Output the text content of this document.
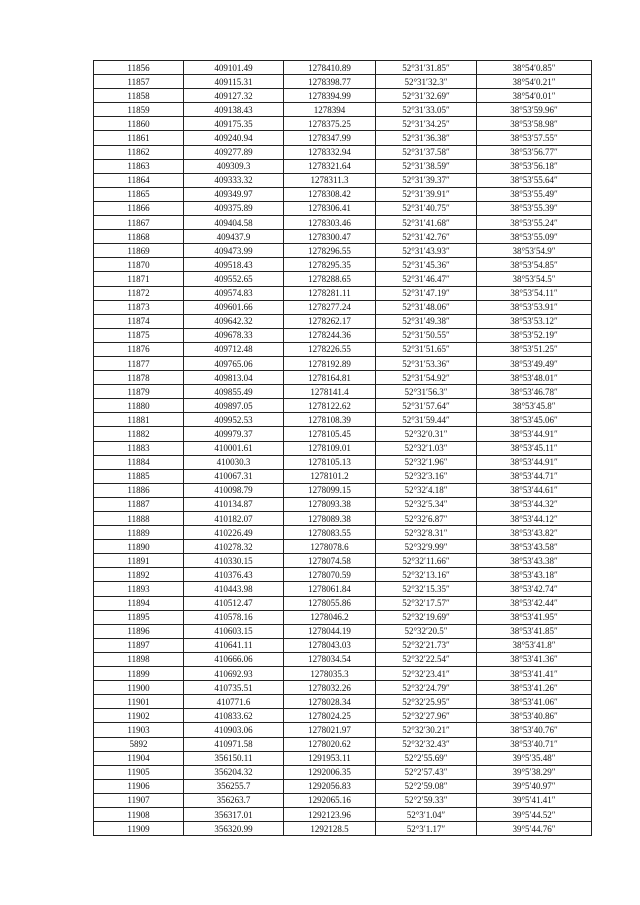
11856	409101.49	1278410.89	52°31′31.85″	38°54′0.85″
11857	409115.31	1278398.77	52°31′32.3″	38°54′0.21″
11858	409127.32	1278394.99	52°31′32.69″	38°54′0.01″
11859	409138.43	1278394	52°31′33.05″	38°53′59.96″
11860	409175.35	1278375.25	52°31′34.25″	38°53′58.98″
11861	409240.94	1278347.99	52°31′36.38″	38°53′57.55″
11862	409277.89	1278332.94	52°31′37.58″	38°53′56.77″
11863	409309.3	1278321.64	52°31′38.59″	38°53′56.18″
11864	409333.32	1278311.3	52°31′39.37″	38°53′55.64″
11865	409349.97	1278308.42	52°31′39.91″	38°53′55.49″
11866	409375.89	1278306.41	52°31′40.75″	38°53′55.39″
11867	409404.58	1278303.46	52°31′41.68″	38°53′55.24″
11868	409437.9	1278300.47	52°31′42.76″	38°53′55.09″
11869	409473.99	1278296.55	52°31′43.93″	38°53′54.9″
11870	409518.43	1278295.35	52°31′45.36″	38°53′54.85″
11871	409552.65	1278288.65	52°31′46.47″	38°53′54.5″
11872	409574.83	1278281.11	52°31′47.19″	38°53′54.11″
11873	409601.66	1278277.24	52°31′48.06″	38°53′53.91″
11874	409642.32	1278262.17	52°31′49.38″	38°53′53.12″
11875	409678.33	1278244.36	52°31′50.55″	38°53′52.19″
11876	409712.48	1278226.55	52°31′51.65″	38°53′51.25″
11877	409765.06	1278192.89	52°31′53.36″	38°53′49.49″
11878	409813.04	1278164.81	52°31′54.92″	38°53′48.01″
11879	409855.49	1278141.4	52°31′56.3″	38°53′46.78″
11880	409897.05	1278122.62	52°31′57.64″	38°53′45.8″
11881	409952.53	1278108.39	52°31′59.44″	38°53′45.06″
11882	409979.37	1278105.45	52°32′0.31″	38°53′44.91″
11883	410001.61	1278109.01	52°32′1.03″	38°53′45.11″
11884	410030.3	1278105.13	52°32′1.96″	38°53′44.91″
11885	410067.31	1278101.2	52°32′3.16″	38°53′44.71″
11886	410098.79	1278099.15	52°32′4.18″	38°53′44.61″
11887	410134.87	1278093.38	52°32′5.34″	38°53′44.32″
11888	410182.07	1278089.38	52°32′6.87″	38°53′44.12″
11889	410226.49	1278083.55	52°32′8.31″	38°53′43.82″
11890	410278.32	1278078.6	52°32′9.99″	38°53′43.58″
11891	410330.15	1278074.58	52°32′11.66″	38°53′43.38″
11892	410376.43	1278070.59	52°32′13.16″	38°53′43.18″
11893	410443.98	1278061.84	52°32′15.35″	38°53′42.74″
11894	410512.47	1278055.86	52°32′17.57″	38°53′42.44″
11895	410578.16	1278046.2	52°32′19.69″	38°53′41.95″
11896	410603.15	1278044.19	52°32′20.5″	38°53′41.85″
11897	410641.11	1278043.03	52°32′21.73″	38°53′41.8″
11898	410666.06	1278034.54	52°32′22.54″	38°53′41.36″
11899	410692.93	1278035.3	52°32′23.41″	38°53′41.41″
11900	410735.51	1278032.26	52°32′24.79″	38°53′41.26″
11901	410771.6	1278028.34	52°32′25.95″	38°53′41.06″
11902	410833.62	1278024.25	52°32′27.96″	38°53′40.86″
11903	410903.06	1278021.97	52°32′30.21″	38°53′40.76″
5892	410971.58	1278020.62	52°32′32.43″	38°53′40.71″
11904	356150.11	1291953.11	52°2′55.69″	39°5′35.48″
11905	356204.32	1292006.35	52°2′57.43″	39°5′38.29″
11906	356255.7	1292056.83	52°2′59.08″	39°5′40.97″
11907	356263.7	1292065.16	52°2′59.33″	39°5′41.41″
11908	356317.01	1292123.96	52°3′1.04″	39°5′44.52″
11909	356320.99	1292128.5	52°3′1.17″	39°5′44.76″
